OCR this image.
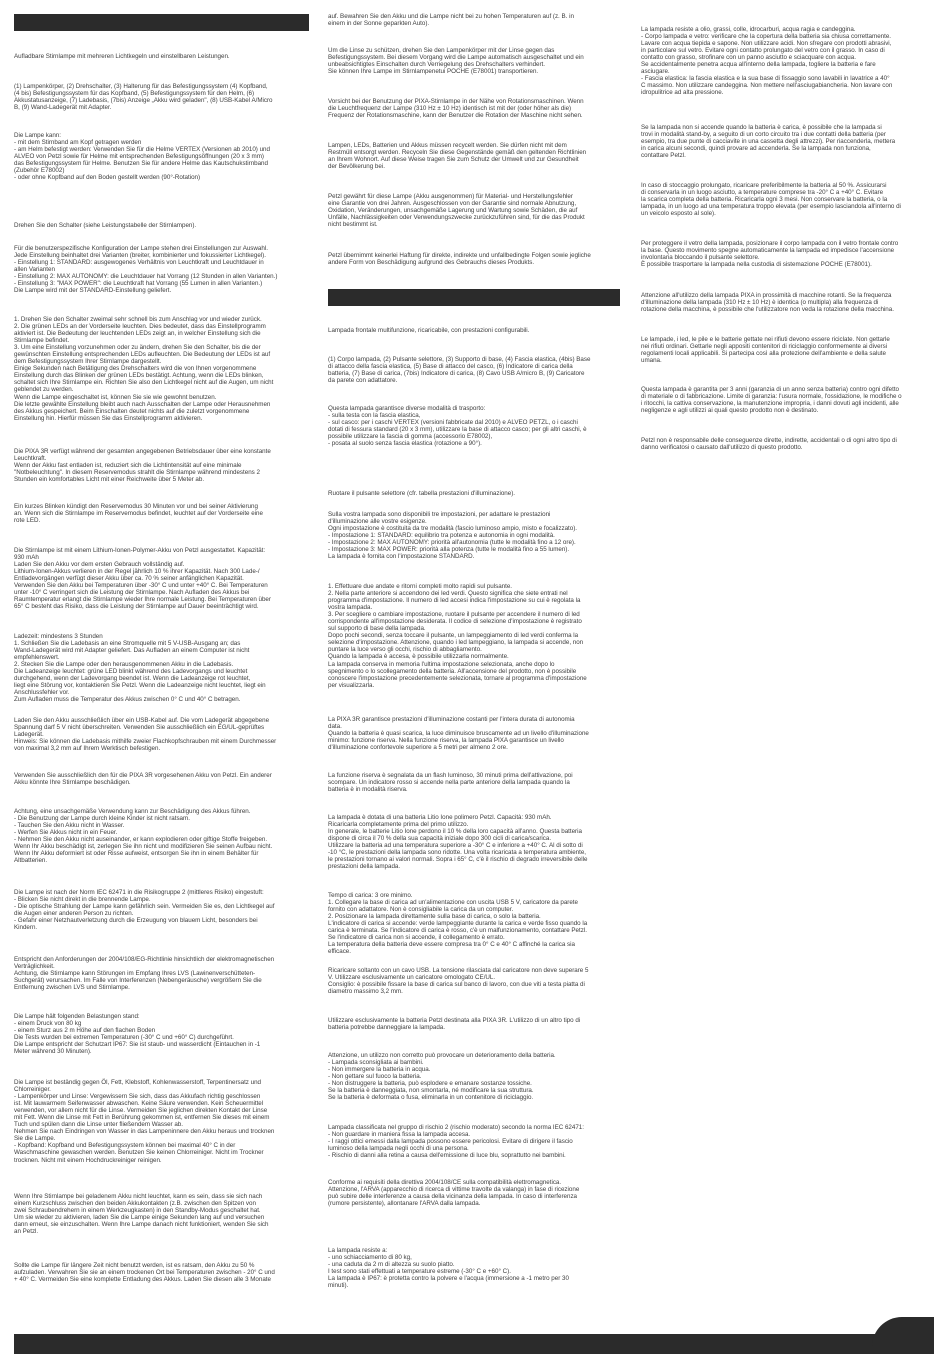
Aufladbare Stirnlampe mit mehreren Lichtkegeln und einstellbaren Leistungen.

(1) Lampenkörper, (2) Drehschalter, (3) Halterung für das Befestigungssystem (4) Kopfband,
(4 bis) Befestigungssystem für das Kopfband, (5) Befestigungssystem für den Helm, (6)
Akkustatusanzeige, (7) Ladebasis, (7bis) Anzeige „Akku wird geladen", (8) USB-Kabel A/Micro
B, (9) Wand-Ladegerät mit Adapter.

Die Lampe kann:
- mit dem Stirnband am Kopf getragen werden
- am Helm befestigt werden: Verwenden Sie für die Helme VERTEX (Versionen ab 2010) und
ALVEO von Petzl sowie für Helme mit entsprechenden Befestigungsöffnungen (20 x 3 mm)
das Befestigungssystem für Helme. Benutzen Sie für andere Helme das Kautschukstirnband
(Zubehör E78002)
- oder ohne Kopfband auf den Boden gestellt werden (90°-Rotation)

Drehen Sie den Schalter (siehe Leistungstabelle der Stirnlampen).

Für die benutzerspezifische Konfiguration der Lampe stehen drei Einstellungen zur Auswahl.
Jede Einstellung beinhaltet drei Varianten (breiter, kombinierter und fokussierter Lichtkegel).
- Einstellung 1: STANDARD: ausgewogenes Verhältnis von Leuchtkraft und Leuchtdauer in
allen Varianten
- Einstellung 2: MAX AUTONOMY: die Leuchtdauer hat Vorrang (12 Stunden in allen Varianten.)
- Einstellung 3: "MAX POWER": die Leuchtkraft hat Vorrang (55 Lumen in allen Varianten.)
Die Lampe wird mit der STANDARD-Einstellung geliefert.

1. Drehen Sie den Schalter zweimal sehr schnell bis zum Anschlag vor und wieder zurück.
2. Die grünen LEDs an der Vorderseite leuchten. Dies bedeutet, dass das Einstellprogramm
aktiviert ist. Die Bedeutung der leuchtenden LEDs zeigt an, in welcher Einstellung sich die
Stirnlampe befindet.
3. Um eine Einstellung vorzunehmen oder zu ändern, drehen Sie den Schalter, bis die der
gewünschten Einstellung entsprechenden LEDs aufleuchten. Die Bedeutung der LEDs ist auf
dem Befestigungssystem Ihrer Stirnlampe dargestellt.
Einige Sekunden nach Betätigung des Drehschalters wird die von Ihnen vorgenommene
Einstellung durch das Blinken der grünen LEDs bestätigt. Achtung, wenn die LEDs blinken,
schaltet sich Ihre Stirnlampe ein. Richten Sie also den Lichtkegel nicht auf die Augen, um nicht
geblendet zu werden.
Wenn die Lampe eingeschaltet ist, können Sie sie wie gewohnt benutzen.
Die letzte gewählte Einstellung bleibt auch nach Ausschalten der Lampe oder Herausnehmen
des Akkus gespeichert. Beim Einschalten deutet nichts auf die zuletzt vorgenommene
Einstellung hin. Hierfür müssen Sie das Einstellprogramm aktivieren.

Die PIXA 3R verfügt während der gesamten angegebenen Betriebsdauer über eine konstante
Leuchtkraft.
Wenn der Akku fast entladen ist, reduziert sich die Lichtintensität auf eine minimale
"Notbeleuchtung". In diesem Reservemodus strahlt die Stirnlampe während mindestens 2
Stunden ein komfortables Licht mit einer Reichweite über 5 Meter ab.

Ein kurzes Blinken kündigt den Reservemodus 30 Minuten vor und bei seiner Aktivierung
an. Wenn sich die Stirnlampe im Reservemodus befindet, leuchtet auf der Vorderseite eine
rote LED.

Die Stirnlampe ist mit einem Lithium-Ionen-Polymer-Akku von Petzl ausgestattet. Kapazität:
930 mAh
Laden Sie den Akku vor dem ersten Gebrauch vollständig auf.
Lithium-Ionen-Akkus verlieren in der Regel jährlich 10 % ihrer Kapazität. Nach 300 Lade-/
Entladevorgängen verfügt dieser Akku über ca. 70 % seiner anfänglichen Kapazität.
Verwenden Sie den Akku bei Temperaturen über -30° C und unter +40° C. Bei Temperaturen
unter -10° C verringert sich die Leistung der Stirnlampe. Nach Aufladen des Akkus bei
Raumtemperatur erlangt die Stirnlampe wieder Ihre normale Leistung. Bei Temperaturen über
65° C besteht das Risiko, dass die Leistung der Stirnlampe auf Dauer beeinträchtigt wird.

Ladezeit: mindestens 3 Stunden
1. Schließen Sie die Ladebasis an eine Stromquelle mit 5 V-USB-Ausgang an; das
Wand-Ladegerät wird mit Adapter geliefert. Das Aufladen an einem Computer ist nicht
empfehlenswert.
2. Stecken Sie die Lampe oder den herausgenommenen Akku in die Ladebasis.
Die Ladeanzeige leuchtet: grüne LED blinkt während des Ladevorgangs und leuchtet
durchgehend, wenn der Ladevorgang beendet ist. Wenn die Ladeanzeige rot leuchtet,
liegt eine Störung vor, kontaktieren Sie Petzl. Wenn die Ladeanzeige nicht leuchtet, liegt ein
Anschlussfehler vor.
Zum Aufladen muss die Temperatur des Akkus zwischen 0° C und 40° C betragen.

Laden Sie den Akku ausschließlich über ein USB-Kabel auf. Die vom Ladegerät abgegebene
Spannung darf 5 V nicht überschreiten. Verwenden Sie ausschließlich ein EG/UL-geprüftes
Ladegerät.
Hinweis: Sie können die Ladebasis mithilfe zweier Flachkopfschrauben mit einem Durchmesser
von maximal 3,2 mm auf Ihrem Werktisch befestigen.

Verwenden Sie ausschließlich den für die PIXA 3R vorgesehenen Akku von Petzl. Ein anderer
Akku könnte Ihre Stirnlampe beschädigen.

Achtung, eine unsachgemäße Verwendung kann zur Beschädigung des Akkus führen.
- Die Benutzung der Lampe durch kleine Kinder ist nicht ratsam.
- Tauchen Sie den Akku nicht in Wasser.
- Werfen Sie Akkus nicht in ein Feuer.
- Nehmen Sie den Akku nicht auseinander, er kann explodieren oder giftige Stoffe freigeben.
Wenn Ihr Akku beschädigt ist, zerlegen Sie ihn nicht und modifizieren Sie seinen Aufbau nicht.
Wenn Ihr Akku deformiert ist oder Risse aufweist, entsorgen Sie ihn in einem Behälter für
Altbatterien.

Die Lampe ist nach der Norm IEC 62471 in die Risikogruppe 2 (mittleres Risiko) eingestuft:
- Blicken Sie nicht direkt in die brennende Lampe.
- Die optische Strahlung der Lampe kann gefährlich sein. Vermeiden Sie es, den Lichtkegel auf
die Augen einer anderen Person zu richten.
- Gefahr einer Netzhautverletzung durch die Erzeugung von blauem Licht, besonders bei
Kindern.

Entspricht den Anforderungen der 2004/108/EG-Richtlinie hinsichtlich der elektromagnetischen
Verträglichkeit.
Achtung, die Stirnlampe kann Störungen im Empfang Ihres LVS (Lawinenverschütteten-
Suchgerät) verursachen. Im Falle von Interferenzen (Nebengeräusche) vergrößern Sie die
Entfernung zwischen LVS und Stirnlampe.

Die Lampe hält folgenden Belastungen stand:
- einem Druck von 80 kg
- einem Sturz aus 2 m Höhe auf den flachen Boden
Die Tests wurden bei extremen Temperaturen (-30° C und +60° C) durchgeführt.
Die Lampe entspricht der Schutzart IP67: Sie ist staub- und wasserdicht (Eintauchen in -1
Meter während 30 Minuten).

Die Lampe ist beständig gegen Öl, Fett, Klebstoff, Kohlenwasserstoff, Terpentinersatz und
Chlorreiniger.
- Lampenkörper und Linse: Vergewissern Sie sich, dass das Akkufach richtig geschlossen
ist. Mit lauwarmem Seifenwasser abwaschen. Keine Säure verwenden. Kein Scheuermittel
verwenden, vor allem nicht für die Linse. Vermeiden Sie jeglichen direkten Kontakt der Linse
mit Fett. Wenn die Linse mit Fett in Berührung gekommen ist, entfernen Sie dieses mit einem
Tuch und spülen dann die Linse unter fließendem Wasser ab.
Nehmen Sie nach Eindringen von Wasser in das Lampeninnere den Akku heraus und trocknen
Sie die Lampe.
- Kopfband: Kopfband und Befestigungssystem können bei maximal 40° C in der
Waschmaschine gewaschen werden. Benutzen Sie keinen Chlorreiniger. Nicht im Trockner
trocknen. Nicht mit einem Hochdruckreiniger reinigen.

Wenn Ihre Stirnlampe bei geladenem Akku nicht leuchtet, kann es sein, dass sie sich nach
einem Kurzschluss zwischen den beiden Akkukontakten (z.B. zwischen den Spitzen von
zwei Schraubendrehern in einem Werkzeugkasten) in den Standby-Modus geschaltet hat.
Um sie wieder zu aktivieren, laden Sie die Lampe einige Sekunden lang auf und versuchen
dann erneut, sie einzuschalten. Wenn Ihre Lampe danach nicht funktioniert, wenden Sie sich
an Petzl.

Sollte die Lampe für längere Zeit nicht benutzt werden, ist es ratsam, den Akku zu 50 %
aufzuladen. Verwahren Sie sie an einem trockenen Ort bei Temperaturen zwischen - 20° C und
+ 40° C. Vermeiden Sie eine komplette Entladung des Akkus. Laden Sie diesen alle 3 Monate

auf. Bewahren Sie den Akku und die Lampe nicht bei zu hohen Temperaturen auf (z. B. in
einem in der Sonne geparkten Auto).

Um die Linse zu schützen, drehen Sie den Lampenkörper mit der Linse gegen das
Befestigungssystem. Bei diesem Vorgang wird die Lampe automatisch ausgeschaltet und ein
unbeabsichtigtes Einschalten durch Verriegelung des Drehschalters verhindert.
Sie können Ihre Lampe im Stirnlampenetui POCHE (E78001) transportieren.

Vorsicht bei der Benutzung der PIXA-Stirnlampe in der Nähe von Rotationsmaschinen. Wenn
die Leuchtfrequenz der Lampe (310 Hz ± 10 Hz) identisch ist mit der (oder höher als die)
Frequenz der Rotationsmaschine, kann der Benutzer die Rotation der Maschine nicht sehen.

Lampen, LEDs, Batterien und Akkus müssen recycelt werden. Sie dürfen nicht mit dem
Restmüll entsorgt werden. Recyceln Sie diese Gegenstände gemäß den geltenden Richtlinien
an Ihrem Wohnort. Auf diese Weise tragen Sie zum Schutz der Umwelt und zur Gesundheit
der Bevölkerung bei.

Petzl gewährt für diese Lampe (Akku ausgenommen) für Material- und Herstellungsfehler
eine Garantie von drei Jahren. Ausgeschlossen von der Garantie sind normale Abnutzung,
Oxidation, Veränderungen, unsachgemäße Lagerung und Wartung sowie Schäden, die auf
Unfälle, Nachlässigkeiten oder Verwendungszwecke zurückzuführen sind, für die das Produkt
nicht bestimmt ist.

Petzl übernimmt keinerlei Haftung für direkte, indirekte und unfallbedingte Folgen sowie jegliche
andere Form von Beschädigung aufgrund des Gebrauchs dieses Produkts.

Lampada frontale multifunzione, ricaricabile, con prestazioni configurabili.

(1) Corpo lampada, (2) Pulsante selettore, (3) Supporto di base, (4) Fascia elastica, (4bis) Base
di attacco della fascia elastica, (5) Base di attacco del casco, (6) Indicatore di carica della
batteria, (7) Base di carica, (7bis) Indicatore di carica, (8) Cavo USB A/micro B, (9) Caricatore
da parete con adattatore.

Questa lampada garantisce diverse modalità di trasporto:
- sulla testa con la fascia elastica,
- sul casco: per i caschi VERTEX (versioni fabbricate dal 2010) e ALVEO PETZL, o i caschi
dotati di fessura standard (20 x 3 mm), utilizzare la base di attacco casco; per gli altri caschi, è
possibile utilizzare la fascia di gomma (accessorio E78002),
- posata al suolo senza fascia elastica (rotazione a 90°).

Ruotare il pulsante selettore (cfr. tabella prestazioni d'illuminazione).

Sulla vostra lampada sono disponibili tre impostazioni, per adattare le prestazioni
d'illuminazione alle vostre esigenze.
Ogni impostazione è costituita da tre modalità (fascio luminoso ampio, misto e focalizzato).
- Impostazione 1: STANDARD: equilibrio tra potenza e autonomia in ogni modalità.
- Impostazione 2: MAX AUTONOMY: priorità all'autonomia (tutte le modalità fino a 12 ore).
- Impostazione 3: MAX POWER: priorità alla potenza (tutte le modalità fino a 55 lumen).
La lampada è fornita con l'impostazione STANDARD.

1. Effettuare due andate e ritorni completi molto rapidi sul pulsante.
2. Nella parte anteriore si accendono dei led verdi. Questo significa che siete entrati nel
programma d'impostazione. Il numero di led accesi indica l'impostazione su cui è regolata la
vostra lampada.
3. Per scegliere o cambiare impostazione, ruotare il pulsante per accendere il numero di led
corrispondente all'impostazione desiderata. Il codice di selezione d'impostazione è registrato
sul supporto di base della lampada.
Dopo pochi secondi, senza toccare il pulsante, un lampeggiamento di led verdi conferma la
selezione d'impostazione. Attenzione, quando i led lampeggiano, la lampada si accende, non
puntare la luce verso gli occhi, rischio di abbagliamento.
Quando la lampada è accesa, è possibile utilizzarla normalmente.
La lampada conserva in memoria l'ultima impostazione selezionata, anche dopo lo
spegnimento o lo scollegamento della batteria. All'accensione del prodotto, non è possibile
conoscere l'impostazione precedentemente selezionata, tornare al programma d'impostazione
per visualizzarla.

La PIXA 3R garantisce prestazioni d'illuminazione costanti per l'intera durata di autonomia
data.
Quando la batteria è quasi scarica, la luce diminuisce bruscamente ad un livello d'illuminazione
minimo: funzione riserva. Nella funzione riserva, la lampada PIXA garantisce un livello
d'illuminazione confortevole superiore a 5 metri per almeno 2 ore.

La funzione riserva è segnalata da un flash luminoso, 30 minuti prima dell'attivazione, poi
scompare. Un indicatore rosso si accende nella parte anteriore della lampada quando la
batteria è in modalità riserva.

La lampada è dotata di una batteria Litio Ione polimero Petzl. Capacità: 930 mAh.
Ricaricarla completamente prima del primo utilizzo.
In generale, le batterie Litio Ione perdono il 10 % della loro capacità all'anno. Questa batteria
dispone di circa il 70 % della sua capacità iniziale dopo 300 cicli di carica/scarica.
Utilizzare la batteria ad una temperatura superiore a -30° C e inferiore a +40° C. Al di sotto di
-10 °C, le prestazioni della lampada sono ridotte. Una volta ricaricata a temperatura ambiente,
le prestazioni tornano ai valori normali. Sopra i 65° C, c'è il rischio di degrado irreversibile delle
prestazioni della lampada.

Tempo di carica: 3 ore minimo.
1. Collegare la base di carica ad un'alimentazione con uscita USB 5 V, caricatore da parete
fornito con adattatore. Non è consigliabile la carica da un computer.
2. Posizionare la lampada direttamente sulla base di carica, o solo la batteria.
L'indicatore di carica si accende: verde lampeggiante durante la carica e verde fisso quando la
carica è terminata. Se l'indicatore di carica è rosso, c'è un malfunzionamento, contattare Petzl.
Se l'indicatore di carica non si accende, il collegamento è errato.
La temperatura della batteria deve essere compresa tra 0° C e 40° C affinché la carica sia
efficace.

Ricaricare soltanto con un cavo USB. La tensione rilasciata dal caricatore non deve superare 5
V. Utilizzare esclusivamente un caricatore omologato CE/UL.
Consiglio: è possibile fissare la base di carica sul banco di lavoro, con due viti a testa piatta di
diametro massimo 3,2 mm.

Utilizzare esclusivamente la batteria Petzl destinata alla PIXA 3R. L'utilizzo di un altro tipo di
batteria potrebbe danneggiare la lampada.

Attenzione, un utilizzo non corretto può provocare un deterioramento della batteria.
- Lampada sconsigliata ai bambini.
- Non immergere la batteria in acqua.
- Non gettare sul fuoco la batteria.
- Non distruggere la batteria, può esplodere e emanare sostanze tossiche.
Se la batteria è danneggiata, non smontarla, né modificare la sua struttura.
Se la batteria è deformata o fusa, eliminarla in un contenitore di riciclaggio.

Lampada classificata nel gruppo di rischio 2 (rischio moderato) secondo la norma IEC 62471:
- Non guardare in maniera fissa la lampada accesa.
- I raggi ottici emessi dalla lampada possono essere pericolosi. Evitare di dirigere il fascio
luminoso della lampada negli occhi di una persona.
- Rischio di danni alla retina a causa dell'emissione di luce blu, soprattutto nei bambini.

Conforme ai requisiti della direttiva 2004/108/CE sulla compatibilità elettromagnetica.
Attenzione, l'ARVA (apparecchio di ricerca di vittime travolte da valanga) in fase di ricezione
può subire delle interferenze a causa della vicinanza della lampada. In caso di interferenza
(rumore persistente), allontanare l'ARVA dalla lampada.

La lampada resiste a:
- uno schiacciamento di 80 kg,
- una caduta da 2 m di altezza su suolo piatto.
I test sono stati effettuati a temperature estreme (-30° C e +60° C).
La lampada è IP67: è protetta contro la polvere e l'acqua (immersione a -1 metro per 30
minuti).

La lampada resiste a olio, grassi, colle, idrocarburi, acqua ragia e candeggina.
- Corpo lampada e vetro: verificare che la copertura della batteria sia chiusa correttamente.
Lavare con acqua tiepida e sapone. Non utilizzare acidi. Non sfregare con prodotti abrasivi,
in particolare sul vetro. Evitare ogni contatto prolungato del vetro con il grasso. In caso di
contatto con grasso, strofinare con un panno asciutto e sciacquare con acqua.
Se accidentalmente penetra acqua all'interno della lampada, togliere la batteria e fare
asciugare.
- Fascia elastica: la fascia elastica e la sua base di fissaggio sono lavabili in lavatrice a 40°
C massimo. Non utilizzare candeggina. Non mettere nell'asciugabiancheria. Non lavare con
idropulitrice ad alta pressione.

Se la lampada non si accende quando la batteria è carica, è possibile che la lampada si
trovi in modalità stand-by, a seguito di un corto circuito tra i due contatti della batteria (per
esempio, tra due punte di cacciavite in una cassetta degli attrezzi). Per riaccenderla, mettera
in carica alcuni secondi, quindi provare ad accenderla. Se la lampada non funziona,
contattare Petzl.

In caso di stoccaggio prolungato, ricaricare preferibilmente la batteria al 50 %. Assicurarsi
di conservarla in un luogo asciutto, a temperature comprese tra -20° C a +40° C. Evitare
la scarica completa della batteria. Ricaricarla ogni 3 mesi. Non conservare la batteria, o la
lampada, in un luogo ad una temperatura troppo elevata (per esempio lasciandola all'interno di
un veicolo esposto al sole).

Per proteggere il vetro della lampada, posizionare il corpo lampada con il vetro frontale contro
la base. Questo movimento spegne automaticamente la lampada ed impedisce l'accensione
involontaria bloccando il pulsante selettore.
È possibile trasportare la lampada nella custodia di sistemazione POCHE (E78001).

Attenzione all'utilizzo della lampada PIXA in prossimità di macchine rotanti. Se la frequenza
d'illuminazione della lampada (310 Hz ± 10 Hz) è identica (o multipla) alla frequenza di
rotazione della macchina, è possibile che l'utilizzatore non veda la rotazione della macchina.

Le lampade, i led, le pile e le batterie gettate nei rifiuti devono essere riciclate. Non gettarle
nei rifiuti ordinari. Gettarle negli appositi contenitori di riciclaggio conformemente ai diversi
regolamenti locali applicabili. Si partecipa così alla protezione dell'ambiente e della salute
umana.

Questa lampada è garantita per 3 anni (garanzia di un anno senza batteria) contro ogni difetto
di materiale o di fabbricazione. Limite di garanzia: l'usura normale, l'ossidazione, le modifiche o
i ritocchi, la cattiva conservazione, la manutenzione impropria, i danni dovuti agli incidenti, alle
negligenze e agli utilizzi ai quali questo prodotto non è destinato.

Petzl non è responsabile delle conseguenze dirette, indirette, accidentali o di ogni altro tipo di
danno verificatosi o causato dall'utilizzo di questo prodotto.
